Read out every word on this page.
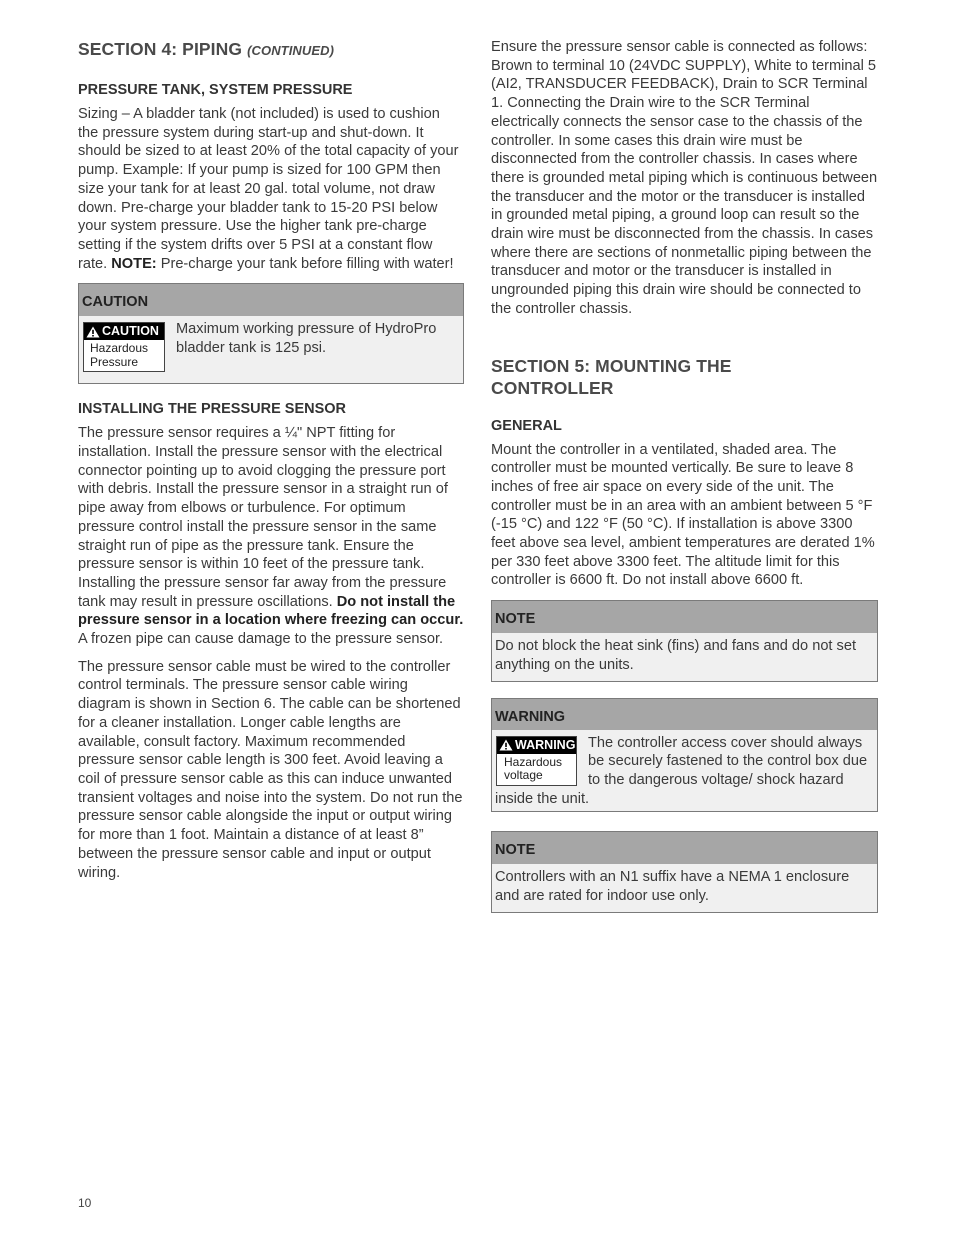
SECTION 4: PIPING (CONTINUED)
PRESSURE TANK, SYSTEM PRESSURE

Sizing – A bladder tank (not included) is used to cushion the pressure system during start-up and shut-down. It should be sized to at least 20% of the total capacity of your pump. Example: If your pump is sized for 100 GPM then size your tank for at least 20 gal. total volume, not draw down. Pre-charge your bladder tank to 15-20 PSI below your system pressure. Use the higher tank pre-charge setting if the system drifts over 5 PSI at a constant flow rate. NOTE: Pre-charge your tank before filling with water!

CAUTION
CAUTION
Hazardous
Pressure
Maximum working pressure of HydroPro bladder tank is 125 psi.
INSTALLING THE PRESSURE SENSOR

The pressure sensor requires a ¼" NPT fitting for installation. Install the pressure sensor with the electrical connector pointing up to avoid clogging the pressure port with debris. Install the pressure sensor in a straight run of pipe away from elbows or turbulence. For optimum pressure control install the pressure sensor in the same straight run of pipe as the pressure tank. Ensure the pressure sensor is within 10 feet of the pressure tank. Installing the pressure sensor far away from the pressure tank may result in pressure oscillations. Do not install the pressure sensor in a location where freezing can occur. A frozen pipe can cause damage to the pressure sensor.

The pressure sensor cable must be wired to the controller control terminals. The pressure sensor cable wiring diagram is shown in Section 6. The cable can be shortened for a cleaner installation. Longer cable lengths are available, consult factory. Maximum recommended pressure sensor cable length is 300 feet. Avoid leaving a coil of pressure sensor cable as this can induce unwanted transient voltages and noise into the system. Do not run the pressure sensor cable alongside the input or output wiring for more than 1 foot. Maintain a distance of at least 8” between the pressure sensor cable and input or output wiring.

Ensure the pressure sensor cable is connected as follows: Brown to terminal 10 (24VDC SUPPLY), White to terminal 5 (AI2, TRANSDUCER FEEDBACK), Drain to SCR Terminal 1. Connecting the Drain wire to the SCR Terminal electrically connects the sensor case to the chassis of the controller. In some cases this drain wire must be disconnected from the controller chassis. In cases where there is grounded metal piping which is continuous between the transducer and the motor or the transducer is installed in grounded metal piping, a ground loop can result so the drain wire must be disconnected from the chassis. In cases where there are sections of nonmetallic piping between the transducer and motor or the transducer is installed in ungrounded piping this drain wire should be connected to the controller chassis.

SECTION 5: MOUNTING THE
CONTROLLER
GENERAL

Mount the controller in a ventilated, shaded area. The controller must be mounted vertically. Be sure to leave 8 inches of free air space on every side of the unit. The controller must be in an area with an ambient between 5 °F (-15 °C) and 122 °F (50 °C). If installation is above 3300 feet above sea level, ambient temperatures are derated 1% per 330 feet above 3300 feet. The altitude limit for this controller is 6600 ft. Do not install above 6600 ft.

NOTE
Do not block the heat sink (fins) and fans and do not set anything on the units.
WARNING
WARNING
Hazardous
voltage
The controller access cover should always be securely fastened to the control box due to the dangerous voltage/ shock hazard inside the unit.
NOTE
Controllers with an N1 suffix have a NEMA 1 enclosure and are rated for indoor use only.
10
